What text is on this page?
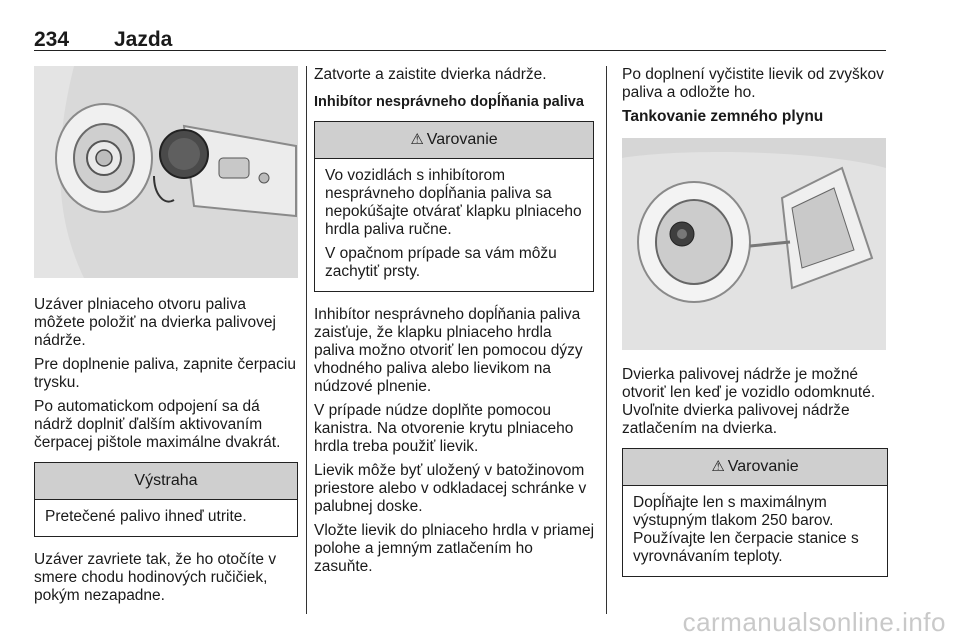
234 Jazda

Uzáver plniaceho otvoru paliva môžete položiť na dvierka palivovej nádrže.

Pre doplnenie paliva, zapnite čerpaciu trysku.

Po automatickom odpojení sa dá nádrž doplniť ďalším aktivovaním čerpacej pištole maximálne dvakrát.

Výstraha

Pretečené palivo ihneď utrite.

Uzáver zavriete tak, že ho otočíte v smere chodu hodinových ručičiek, pokým nezapadne.

Zatvorte a zaistite dvierka nádrže.

Inhibítor nesprávneho dopĺňania paliva
⚠ Varovanie

Vo vozidlách s inhibítorom nesprávneho dopĺňania paliva sa nepokúšajte otvárať klapku plniaceho hrdla paliva ručne.

V opačnom prípade sa vám môžu zachytiť prsty.

Inhibítor nesprávneho dopĺňania paliva zaisťuje, že klapku plniaceho hrdla paliva možno otvoriť len pomocou dýzy vhodného paliva alebo lievikom na núdzové plnenie.

V prípade núdze doplňte pomocou kanistra. Na otvorenie krytu plniaceho hrdla treba použiť lievik.

Lievik môže byť uložený v batožinovom priestore alebo v odkladacej schránke v palubnej doske.

Vložte lievik do plniaceho hrdla v priamej polohe a jemným zatlačením ho zasuňte.

Po doplnení vyčistite lievik od zvyškov paliva a odložte ho.

Tankovanie zemného plynu

Dvierka palivovej nádrže je možné otvoriť len keď je vozidlo odomknuté. Uvoľnite dvierka palivovej nádrže zatlačením na dvierka.

⚠ Varovanie

Dopĺňajte len s maximálnym výstupným tlakom 250 barov. Používajte len čerpacie stanice s vyrovnávaním teploty.

carmanualsonline.info
